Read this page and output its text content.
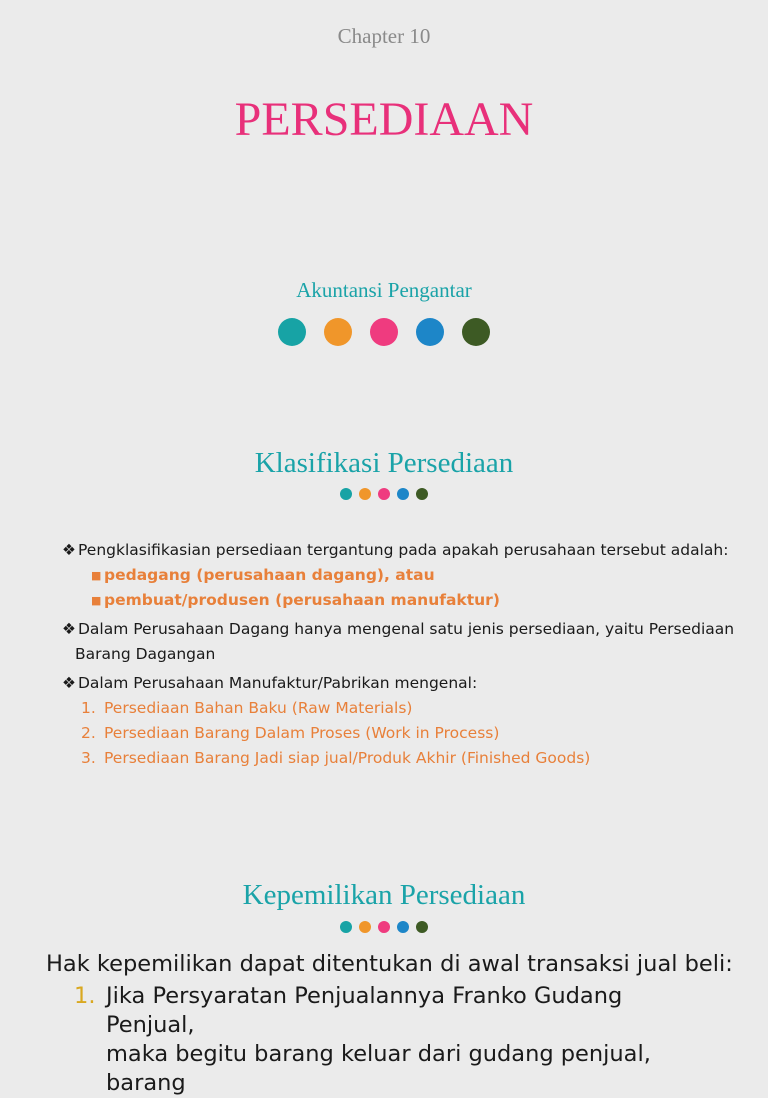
Chapter 10
PERSEDIAAN
Akuntansi Pengantar
Klasifikasi Persediaan
❖ Pengklasifikasian persediaan tergantung pada apakah perusahaan tersebut adalah:
■ pedagang (perusahaan dagang), atau
■ pembuat/produsen (perusahaan manufaktur)
❖ Dalam Perusahaan Dagang hanya mengenal satu jenis persediaan, yaitu Persediaan
Barang Dagangan
❖ Dalam Perusahaan Manufaktur/Pabrikan mengenal:
1. Persediaan Bahan Baku (Raw Materials)
2. Persediaan Barang Dalam Proses (Work in Process)
3. Persediaan Barang Jadi siap jual/Produk Akhir (Finished Goods)
Kepemilikan Persediaan
Hak kepemilikan dapat ditentukan di awal transaksi jual beli:
1. Jika Persyaratan Penjualannya Franko Gudang Penjual,
maka begitu barang keluar dari gudang penjual, barang
